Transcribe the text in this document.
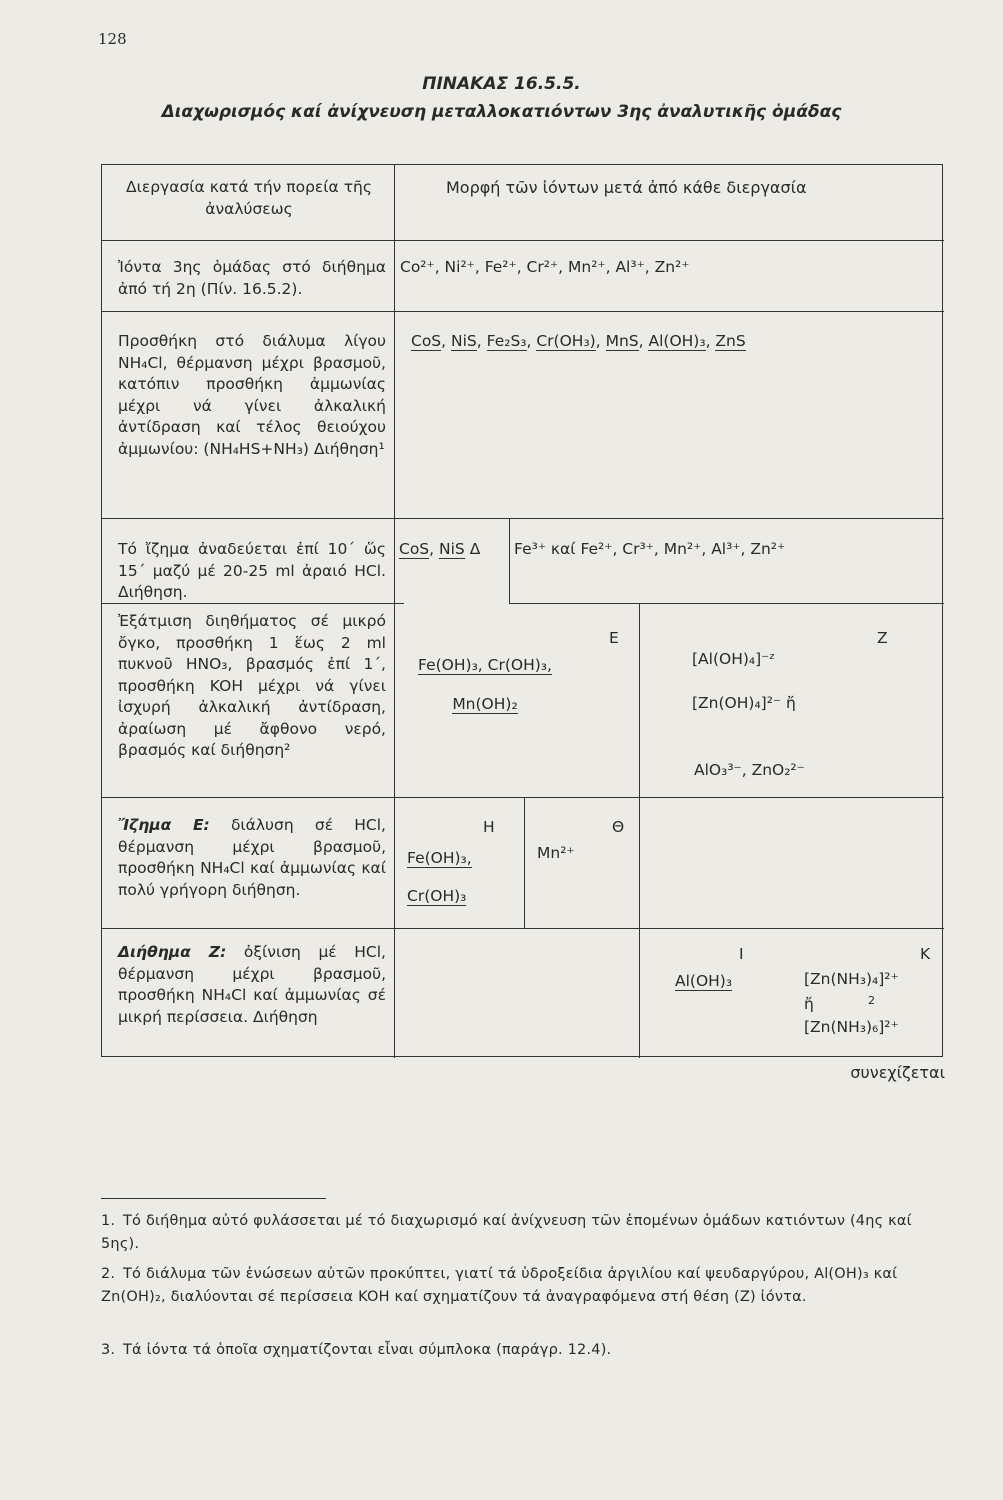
128
ΠΙΝΑΚΑΣ 16.5.5.
Διαχωρισμός καί ἀνίχνευση μεταλλοκατιόντων 3ης ἀναλυτικῆς ὁμάδας
Διεργασία κατά τήν πορεία τῆς ἀναλύσεως
Μορφή τῶν ἰόντων μετά ἀπό κάθε διεργασία
Ἰόντα 3ης ὁμάδας στό διήθημα ἀπό τή 2η (Πίν. 16.5.2).
Co²⁺, Ni²⁺, Fe²⁺, Cr²⁺, Mn²⁺, Al³⁺, Zn²⁺
Προσθήκη στό διάλυμα λίγου NH₄Cl, θέρμανση μέχρι βρασμοῦ, κατόπιν προσθήκη ἀμμωνίας μέχρι νά γίνει ἀλκαλική ἀντίδραση καί τέλος θειούχου ἀμμωνίου: (NH₄HS+NH₃) Διήθηση¹
CoS, NiS, Fe₂S₃, Cr(OH₃), MnS, Al(OH)₃, ZnS
Τό ἴζημα ἀναδεύεται ἐπί 10΄ ὥς 15΄ μαζύ μέ 20-25 ml ἀραιό HCl. Διήθηση.
CoS, NiS Δ	Fe³⁺ καί Fe²⁺, Cr³⁺, Mn²⁺, Al³⁺, Zn²⁺
Ἐξάτμιση διηθήματος σέ μικρό ὄγκο, προσθήκη 1 ἕως 2 ml πυκνοῦ HNO₃, βρασμός ἐπί 1΄, προσθήκη KOH μέχρι νά γίνει ἰσχυρή ἀλκαλική ἀντίδραση, ἀραίωση μέ ἄφθονο νερό, βρασμός καί διήθηση²
E
Fe(OH)₃, Cr(OH)₃,
Mn(OH)₂
Z
[Al(OH)₄]⁻ᶻ
[Zn(OH)₄]²⁻ ἤ
AlO₃³⁻, ZnO₂²⁻
Ἴζημα E: διάλυση σέ HCl, θέρμανση μέχρι βρασμοῦ, προσθήκη NH₄Cl καί ἀμμωνίας καί πολύ γρήγορη διήθηση.
H
Fe(OH)₃,
Cr(OH)₃
Θ
Mn²⁺
Διήθημα Z: ὀξίνιση μέ HCl, θέρμανση μέχρι βρασμοῦ, προσθήκη NH₄Cl καί ἀμμωνίας σέ μικρή περίσσεια. Διήθηση
I
Al(OH)₃
K
[Zn(NH₃)₄]²⁺
ἤ	2
[Zn(NH₃)₆]²⁺
συνεχίζεται
1. Τό διήθημα αὐτό φυλάσσεται μέ τό διαχωρισμό καί ἀνίχνευση τῶν ἑπομένων ὁμάδων κατιόντων (4ης καί 5ης).
2. Τό διάλυμα τῶν ἑνώσεων αὐτῶν προκύπτει, γιατί τά ὑδροξείδια ἀργιλίου καί ψευδαργύρου, Al(OH)₃ καί Zn(OH)₂, διαλύονται σέ περίσσεια KOH καί σχηματίζουν τά ἀναγραφόμενα στή θέση (Z) ἰόντα.
3. Τά ἰόντα τά ὁποῖα σχηματίζονται εἶναι σύμπλοκα (παράγρ. 12.4).
